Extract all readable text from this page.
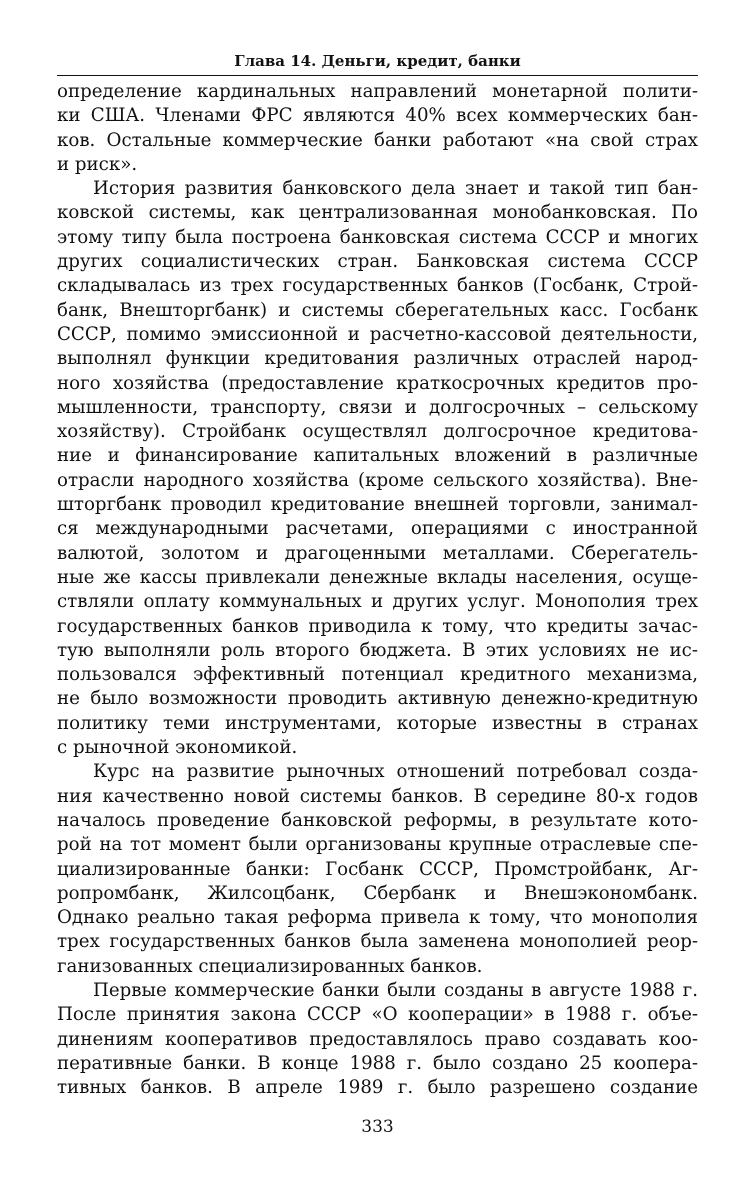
Глава 14. Деньги, кредит, банки
определение кардинальных направлений монетарной полити-
ки США. Членами ФРС являются 40% всех коммерческих бан-
ков. Остальные коммерческие банки работают «на свой страх
и риск».
История развития банковского дела знает и такой тип бан-
ковской системы, как централизованная монобанковская. По
этому типу была построена банковская система СССР и многих
других социалистических стран. Банковская система СССР
складывалась из трех государственных банков (Госбанк, Строй-
банк, Внешторгбанк) и системы сберегательных касс. Госбанк
СССР, помимо эмиссионной и расчетно-кассовой деятельности,
выполнял функции кредитования различных отраслей народ-
ного хозяйства (предоставление краткосрочных кредитов про-
мышленности, транспорту, связи и долгосрочных – сельскому
хозяйству). Стройбанк осуществлял долгосрочное кредитова-
ние и финансирование капитальных вложений в различные
отрасли народного хозяйства (кроме сельского хозяйства). Вне-
шторгбанк проводил кредитование внешней торговли, занимал-
ся международными расчетами, операциями с иностранной
валютой, золотом и драгоценными металлами. Сберегатель-
ные же кассы привлекали денежные вклады населения, осуще-
ствляли оплату коммунальных и других услуг. Монополия трех
государственных банков приводила к тому, что кредиты зачас-
тую выполняли роль второго бюджета. В этих условиях не ис-
пользовался эффективный потенциал кредитного механизма,
не было возможности проводить активную денежно-кредитную
политику теми инструментами, которые известны в странах
с рыночной экономикой.
Курс на развитие рыночных отношений потребовал созда-
ния качественно новой системы банков. В середине 80-х годов
началось проведение банковской реформы, в результате кото-
рой на тот момент были организованы крупные отраслевые спе-
циализированные банки: Госбанк СССР, Промстройбанк, Аг-
ропромбанк, Жилсоцбанк, Сбербанк и Внешэкономбанк.
Однако реально такая реформа привела к тому, что монополия
трех государственных банков была заменена монополией реор-
ганизованных специализированных банков.
Первые коммерческие банки были созданы в августе 1988 г.
После принятия закона СССР «О кооперации» в 1988 г. объе-
динениям кооперативов предоставлялось право создавать коо-
перативные банки. В конце 1988 г. было создано 25 коопера-
тивных банков. В апреле 1989 г. было разрешено создание
333
